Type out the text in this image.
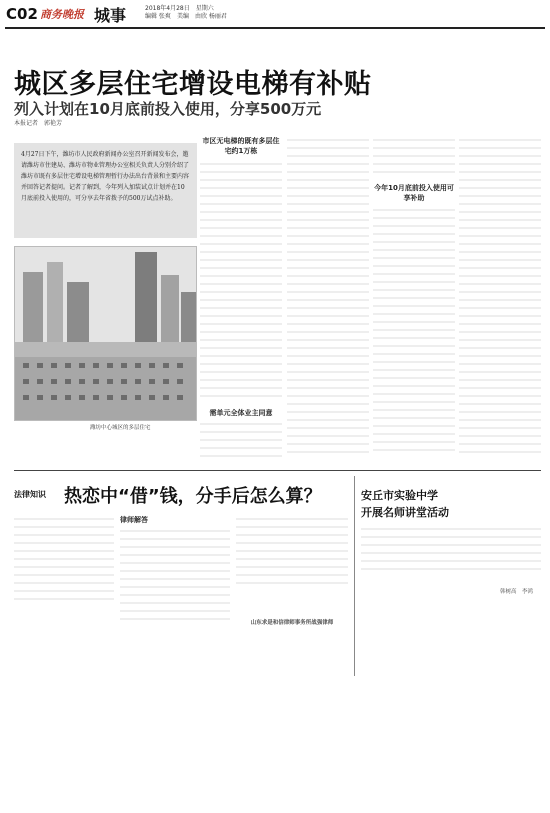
C02 商务晚报 城事	2018年4月28日　 星期六
编辑 张爽　 美编　 由欣 杨丽君
城区多层住宅增设电梯有补贴
列入计划在10月底前投入使用，分享500万元
本报记者　郭艳芳
4月27日下午，潍坊市人民政府新闻办公室召开新闻发布会，邀请潍坊市住建局、潍坊市物业管理办公室相关负责人分别介绍了潍坊市既有多层住宅增设电梯管理暂行办法出台背景和主要内容并回答记者提问。记者了解到，今年列入加装试点计划并在10月底前投入使用的，可分享去年省拨予的500万试点补助。
潍坊中心城区的多层住宅
市区无电梯的既有多层住宅约1万栋
需单元全体业主同意
今年10月底前投入使用可享补助
法律知识 热恋中“借”钱，分手后怎么算？
律师解答
山东求是和信律师事务所战强律师
安丘市实验中学
开展名师讲堂活动
韩树高　李鸿
